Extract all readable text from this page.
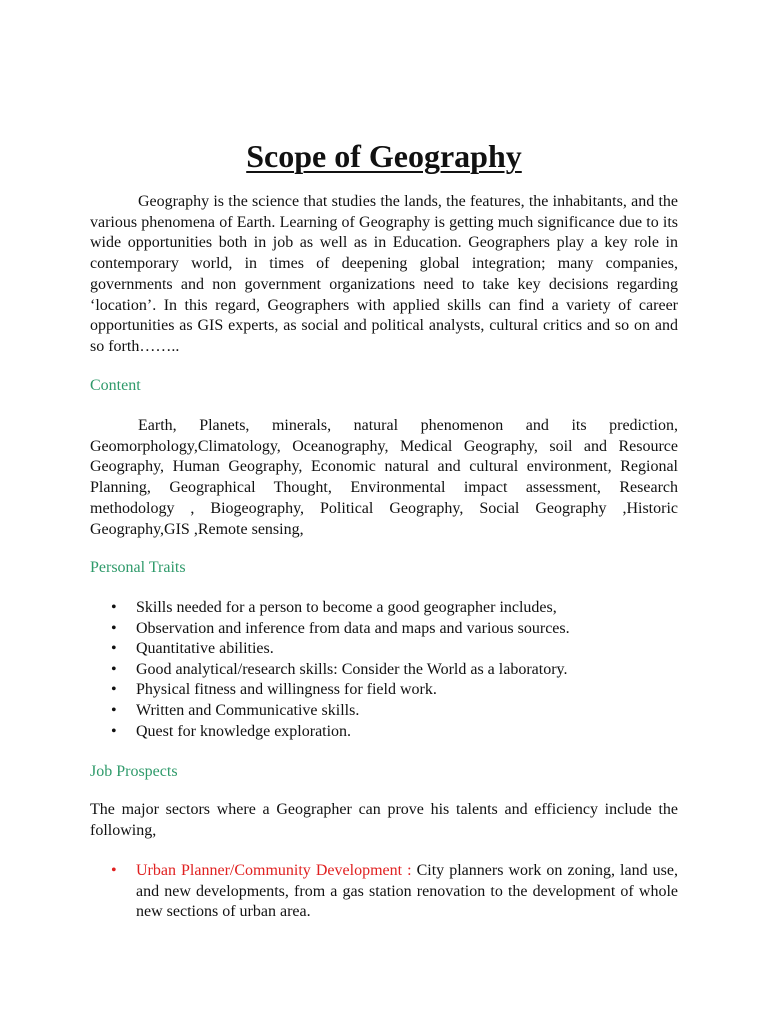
Scope of Geography

Geography is the science that studies the lands, the features, the inhabitants, and the various phenomena of Earth. Learning of Geography is getting much significance due to its wide opportunities both in job as well as in Education. Geographers play a key role in contemporary world, in times of deepening global integration; many companies, governments and non government organizations need to take key decisions regarding ‘location’. In this regard, Geographers with applied skills can find a variety of career opportunities as GIS experts, as social and political analysts, cultural critics and so on and so forth……..

Content

Earth, Planets, minerals, natural phenomenon and its prediction, Geomorphology,Climatology, Oceanography, Medical Geography, soil and Resource Geography, Human Geography, Economic natural and cultural environment, Regional Planning, Geographical Thought, Environmental impact assessment, Research methodology , Biogeography, Political Geography, Social Geography ,Historic Geography,GIS ,Remote sensing,

Personal Traits

• Skills needed for a person to become a good geographer includes,
• Observation and inference from data and maps and various sources.
• Quantitative abilities.
• Good analytical/research skills: Consider the World as a laboratory.
• Physical fitness and willingness for field work.
• Written and Communicative skills.
• Quest for knowledge exploration.

Job Prospects

The major sectors where a Geographer can prove his talents and efficiency include the following,

• Urban Planner/Community Development : City planners work on zoning, land use, and new developments, from a gas station renovation to the development of whole new sections of urban area.
